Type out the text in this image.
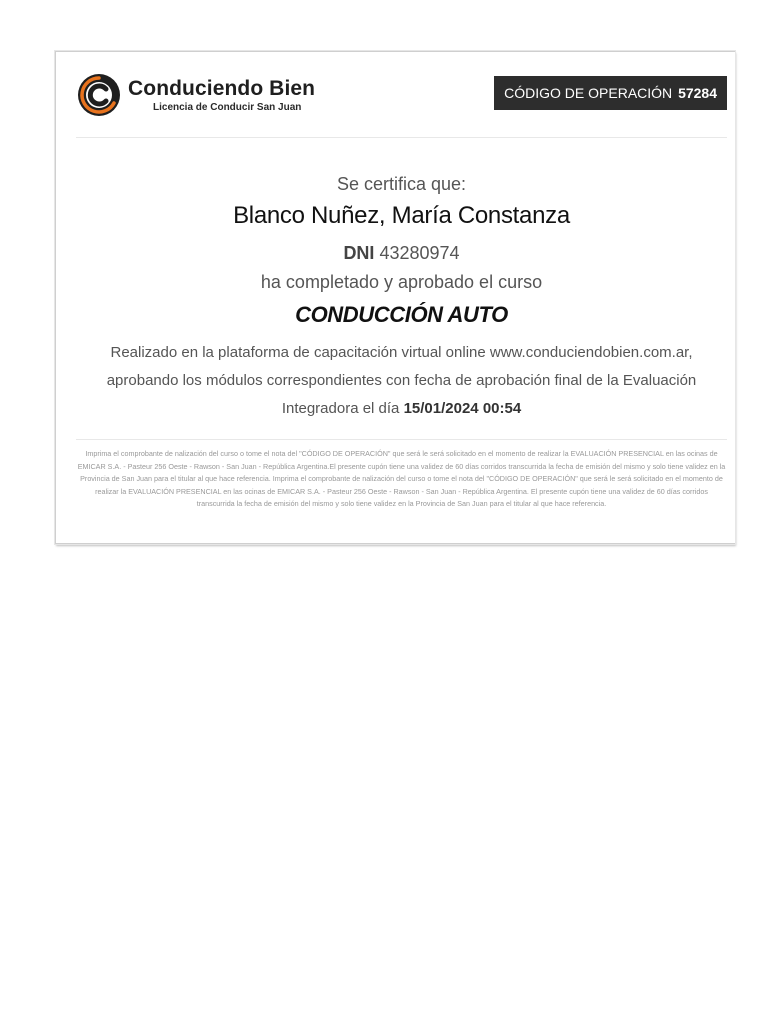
Conduciendo Bien
Licencia de Conducir San Juan
CÓDIGO DE OPERACIÓN 57284
Se certifica que:
Blanco Nuñez, María Constanza
DNI 43280974
ha completado y aprobado el curso
CONDUCCIÓN AUTO
Realizado en la plataforma de capacitación virtual online www.conduciendobien.com.ar, aprobando los módulos correspondientes con fecha de aprobación final de la Evaluación Integradora el día 15/01/2024 00:54
Imprima el comprobante de nalización del curso o tome el nota del "CÓDIGO DE OPERACIÓN" que será le será solicitado en el momento de realizar la EVALUACIÓN PRESENCIAL en las ocinas de EMICAR S.A. - Pasteur 256 Oeste - Rawson - San Juan - República Argentina.El presente cupón tiene una validez de 60 días corridos transcurrida la fecha de emisión del mismo y solo tiene validez en la Provincia de San Juan para el titular al que hace referencia. Imprima el comprobante de nalización del curso o tome el nota del "CÓDIGO DE OPERACIÓN" que será le será solicitado en el momento de realizar la EVALUACIÓN PRESENCIAL en las ocinas de EMICAR S.A. - Pasteur 256 Oeste - Rawson - San Juan - República Argentina. El presente cupón tiene una validez de 60 días corridos transcurrida la fecha de emisión del mismo y solo tiene validez en la Provincia de San Juan para el titular al que hace referencia.
